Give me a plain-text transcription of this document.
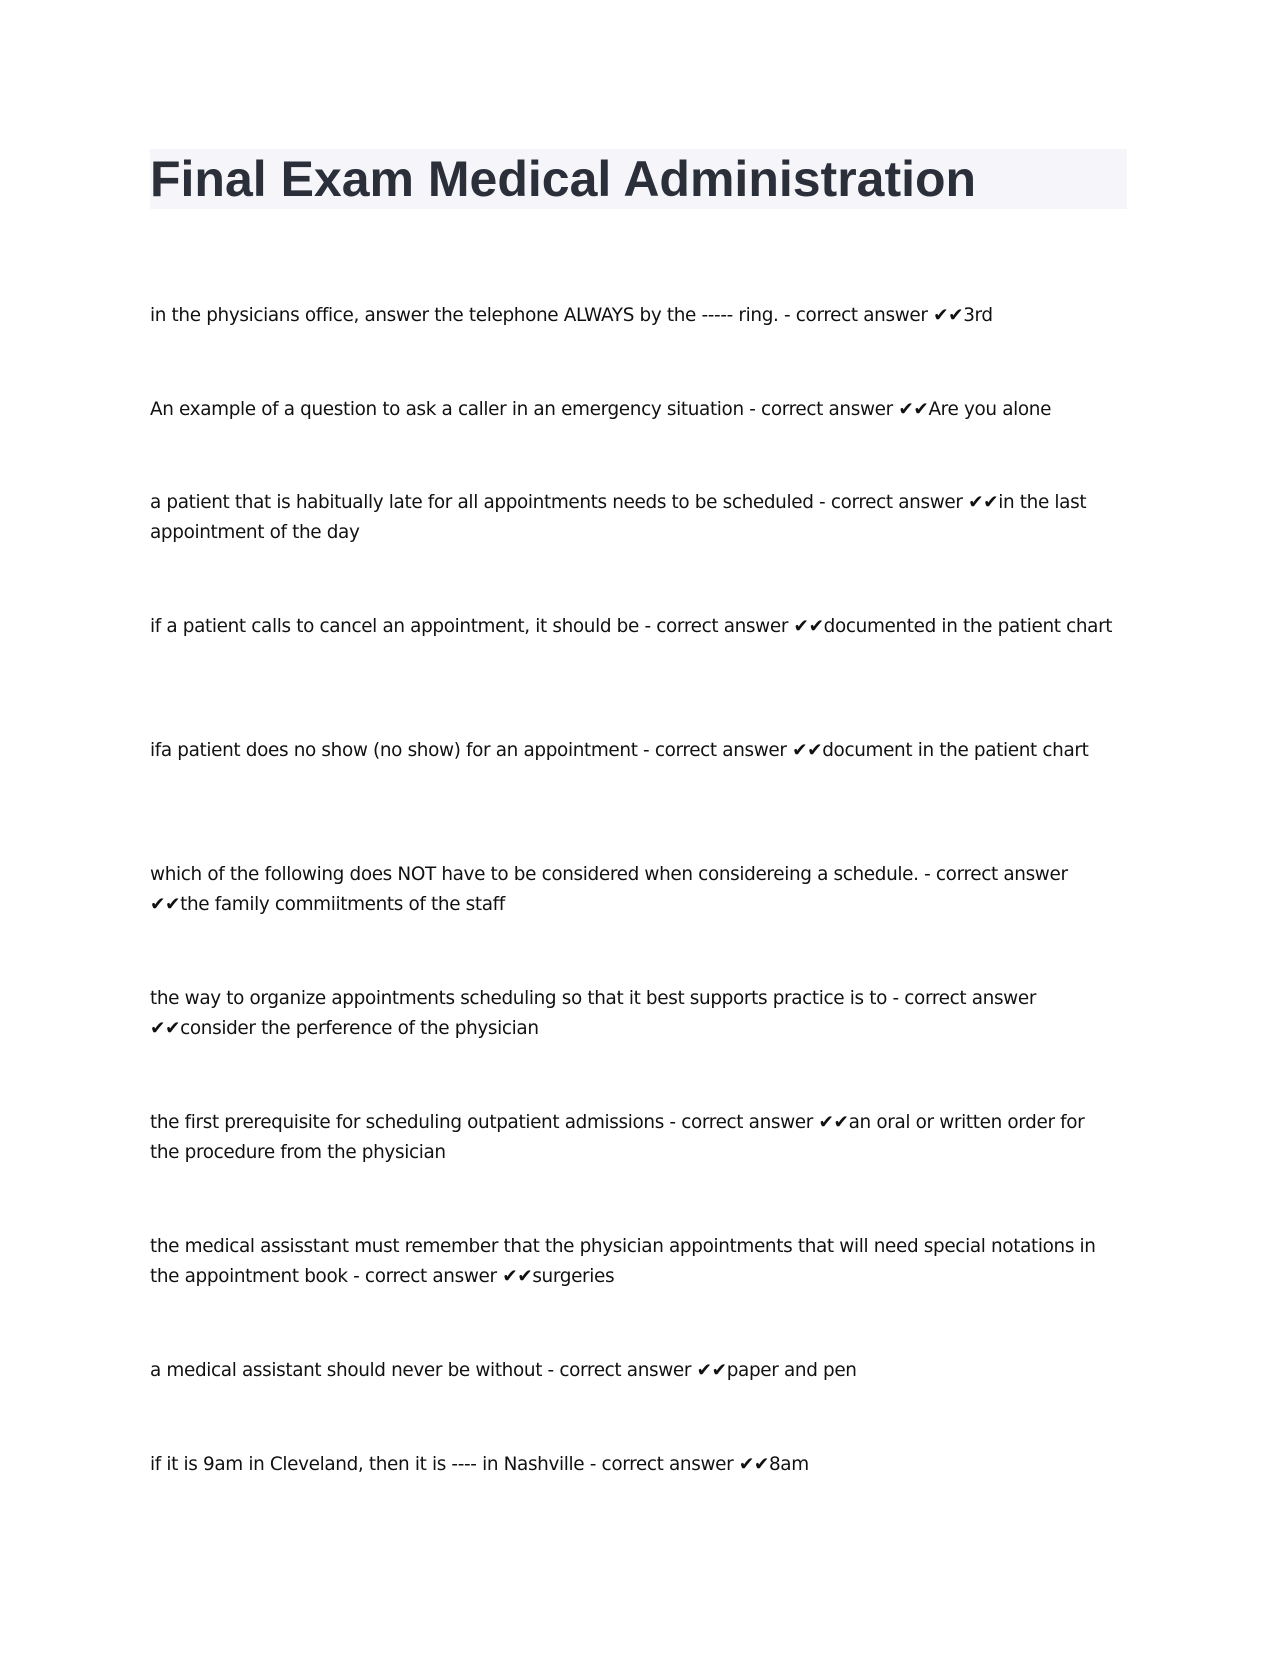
Final Exam Medical Administration

in the physicians office, answer the telephone ALWAYS by the ----- ring. - correct answer ✔✔3rd

An example of a question to ask a caller in an emergency situation - correct answer ✔✔Are you alone

a patient that is habitually late for all appointments needs to be scheduled - correct answer ✔✔in the last appointment of the day

if a patient calls to cancel an appointment, it should be - correct answer ✔✔documented in the patient chart

ifa patient does no show (no show) for an appointment - correct answer ✔✔document in the patient chart

which of the following does NOT have to be considered when considereing a schedule. - correct answer ✔✔the family commiitments of the staff

the way to organize appointments scheduling so that it best supports practice is to - correct answer ✔✔consider the perference of the physician

the first prerequisite for scheduling outpatient admissions - correct answer ✔✔an oral or written order for the procedure from the physician

the medical assisstant must remember that the physician appointments that will need special notations in the appointment book - correct answer ✔✔surgeries

a medical assistant should never be without - correct answer ✔✔paper and pen

if it is 9am in Cleveland, then it is ---- in Nashville - correct answer ✔✔8am
